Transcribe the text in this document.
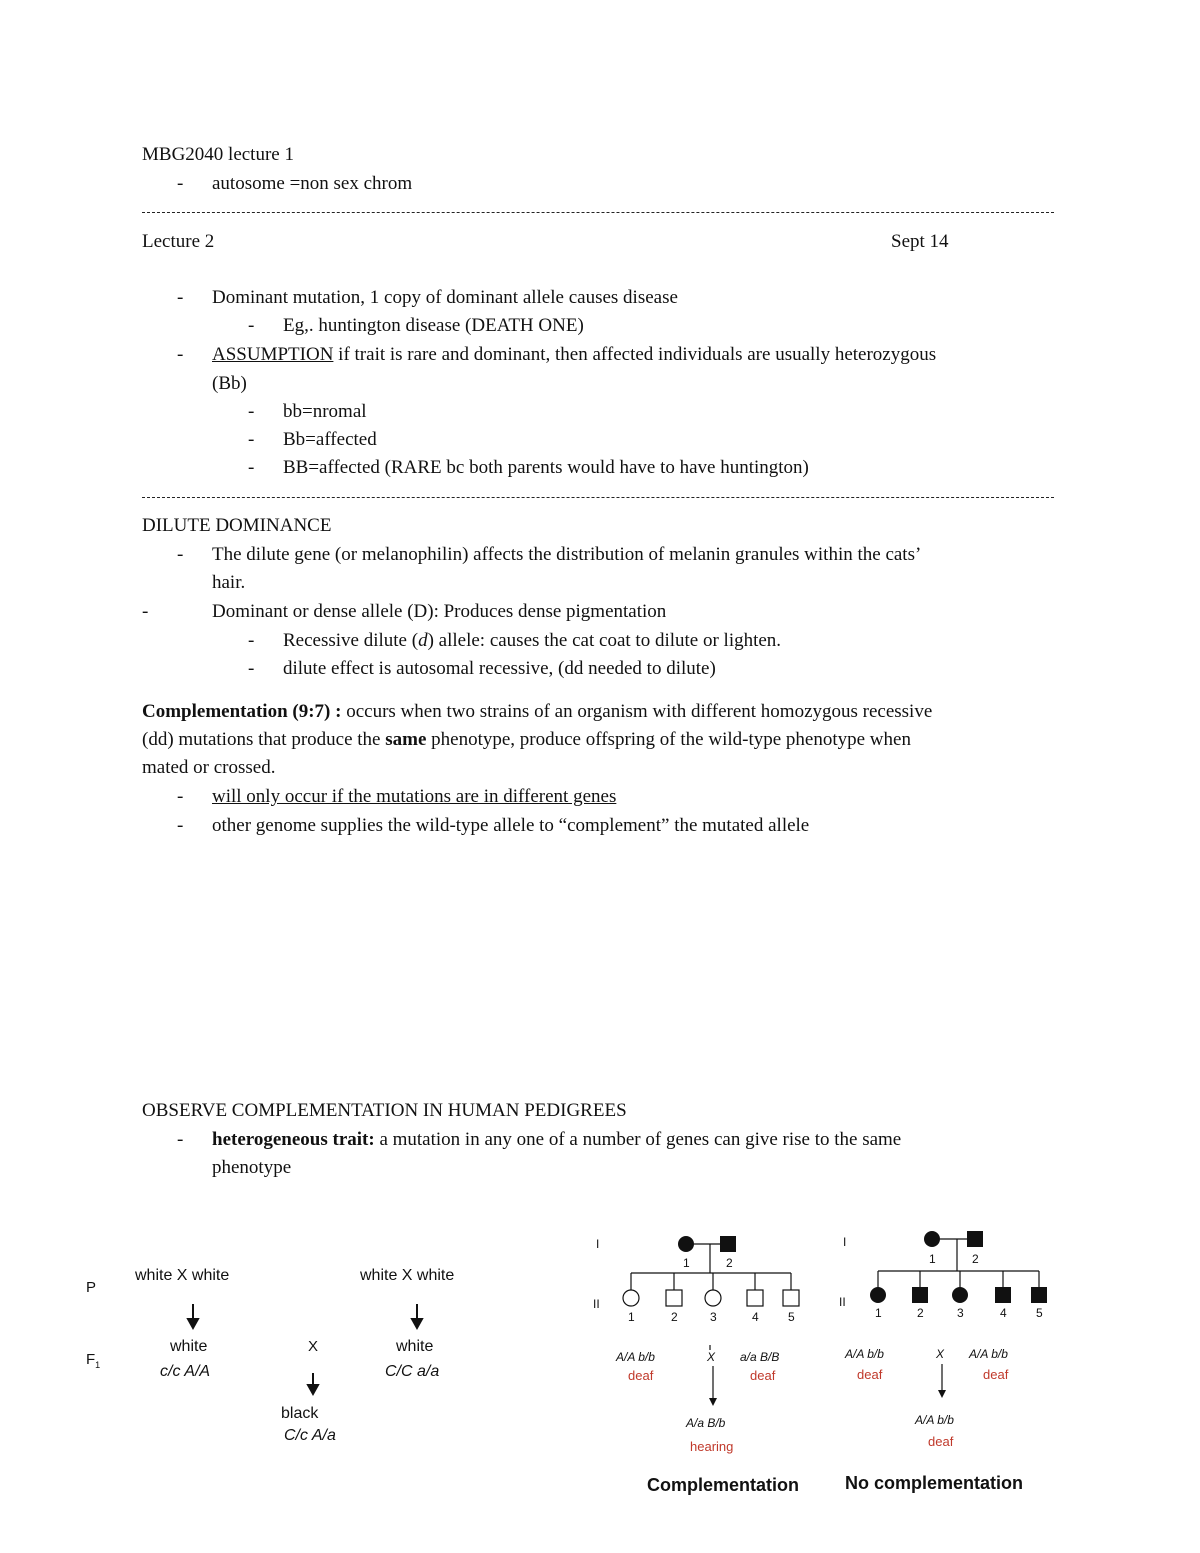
MBG2040 lecture 1
- autosome =non sex chrom
Lecture 2	Sept 14
- Dominant mutation, 1 copy of dominant allele causes disease
- Eg,. huntington disease (DEATH ONE)
- ASSUMPTION if trait is rare and dominant, then affected individuals are usually heterozygous
(Bb)
- bb=nromal
- Bb=affected
- BB=affected (RARE bc both parents would have to have huntington)
DILUTE DOMINANCE
- The dilute gene (or melanophilin) affects the distribution of melanin granules within the cats’
hair.
-	Dominant or dense allele (D): Produces dense pigmentation
- Recessive dilute (d) allele: causes the cat coat to dilute or lighten.
- dilute effect is autosomal recessive, (dd needed to dilute)
Complementation (9:7) : occurs when two strains of an organism with different homozygous recessive
(dd) mutations that produce the same phenotype, produce offspring of the wild-type phenotype when
mated or crossed.
- will only occur if the mutations are in different genes
- other genome supplies the wild-type allele to “complement” the mutated allele
OBSERVE COMPLEMENTATION IN HUMAN PEDIGREES
- heterogeneous trait: a mutation in any one of a number of genes can give rise to the same
phenotype
P
$F_1$
white X white	white X white
white
c/c A/A
X	white
C/C a/a
black
C/c A/a
I
II
1	2
1	2	3	4 5
A/A b/b
deaf
X a/a B/B
deaf
A/a B/b
hearing
Complementation
I
II
1	2
1	2	3	4 5
A/A b/b
deaf
X A/A b/b
deaf
A/A b/b
deaf
No complementation
